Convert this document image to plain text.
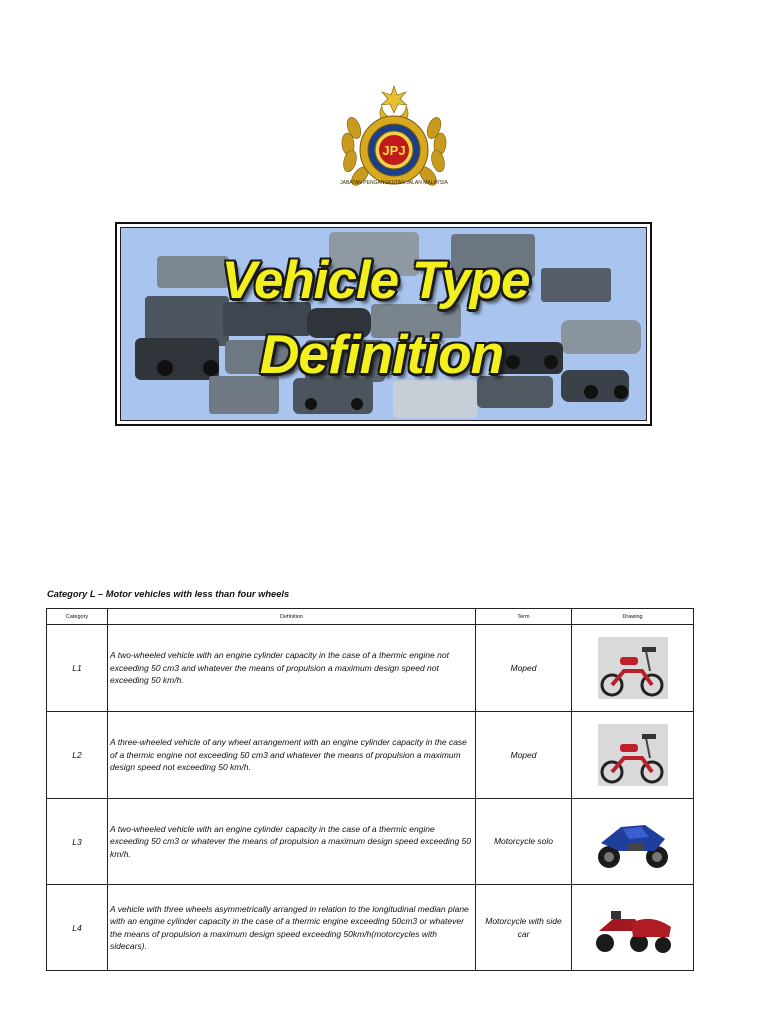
JPJ
JABATAN PENGANGKUTAN JALAN MALAYSIA
Vehicle Type
Definition
Category L – Motor vehicles with less than four wheels
Category	Definition	Term	Drawing
L1	A two-wheeled vehicle with an engine cylinder capacity in the case of a thermic engine not exceeding 50 cm3 and whatever the means of propulsion a maximum design speed not exceeding 50 km/h.	Moped	

L2	A three-wheeled vehicle of any wheel arrangement with an engine cylinder capacity in the case of a thermic engine not exceeding 50 cm3 and whatever the means of propulsion a maximum design speed not exceeding 50 km/h.	Moped	

L3	A two-wheeled vehicle with an engine cylinder capacity in the case of a thermic engine exceeding 50 cm3 or whatever the means of propulsion a maximum design speed exceeding 50 km/h.	Motorcycle solo	

L4	A vehicle with three wheels asymmetrically arranged in relation to the longitudinal median plane with an engine cylinder capacity in the case of a thermic engine exceeding 50cm3 or whatever the means of propulsion a maximum design speed exceeding 50km/h(motorcycles with sidecars).	Motorcycle with side car	
